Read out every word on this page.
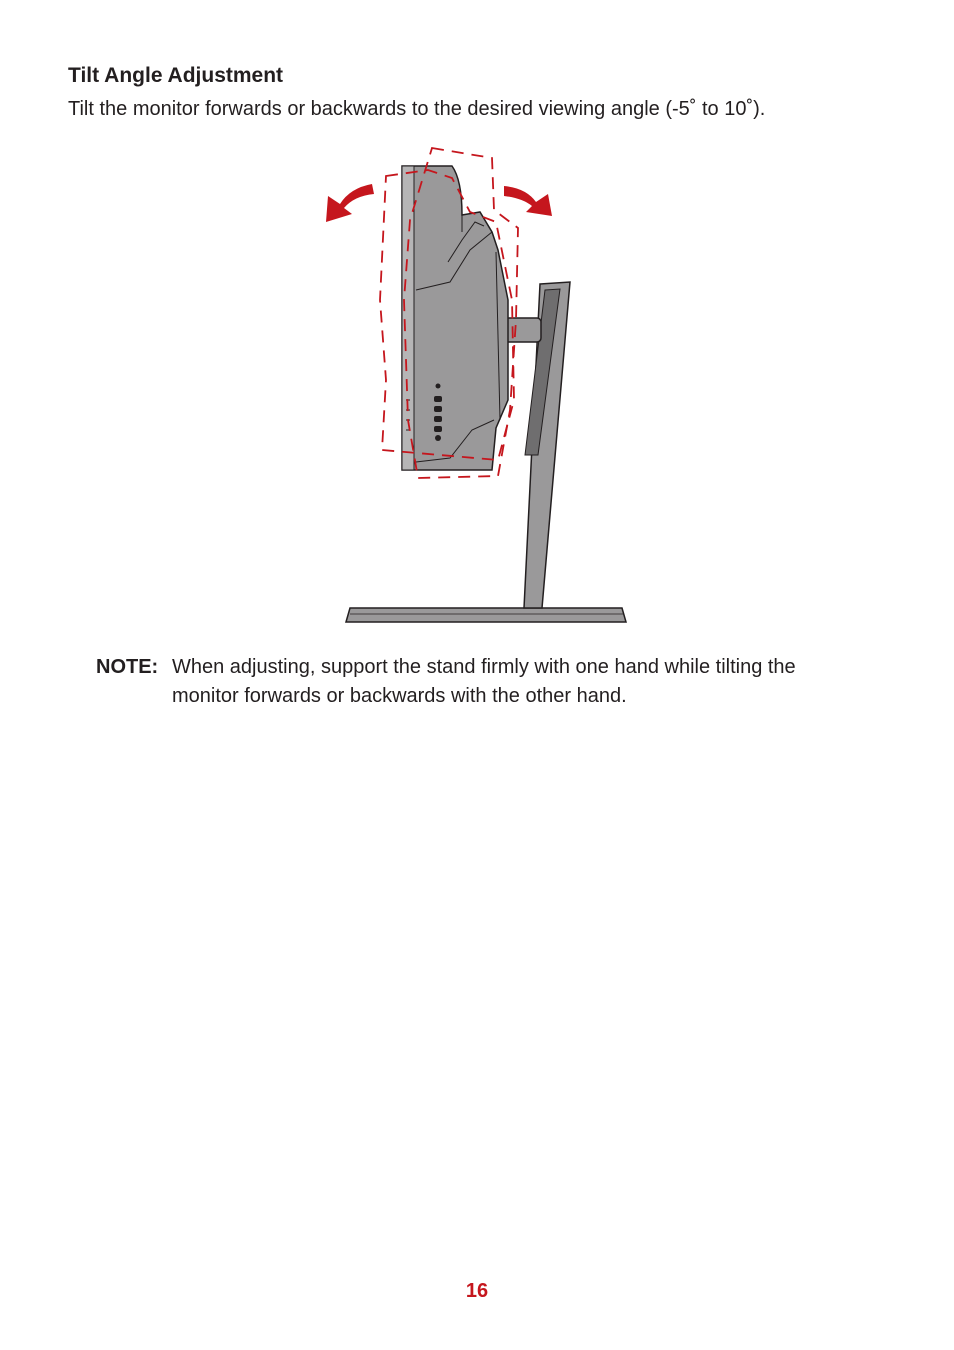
Tilt Angle Adjustment

Tilt the monitor forwards or backwards to the desired viewing angle (-5˚ to 10˚).

NOTE: When adjusting, support the stand firmly with one hand while tilting the
monitor forwards or backwards with the other hand.
16
